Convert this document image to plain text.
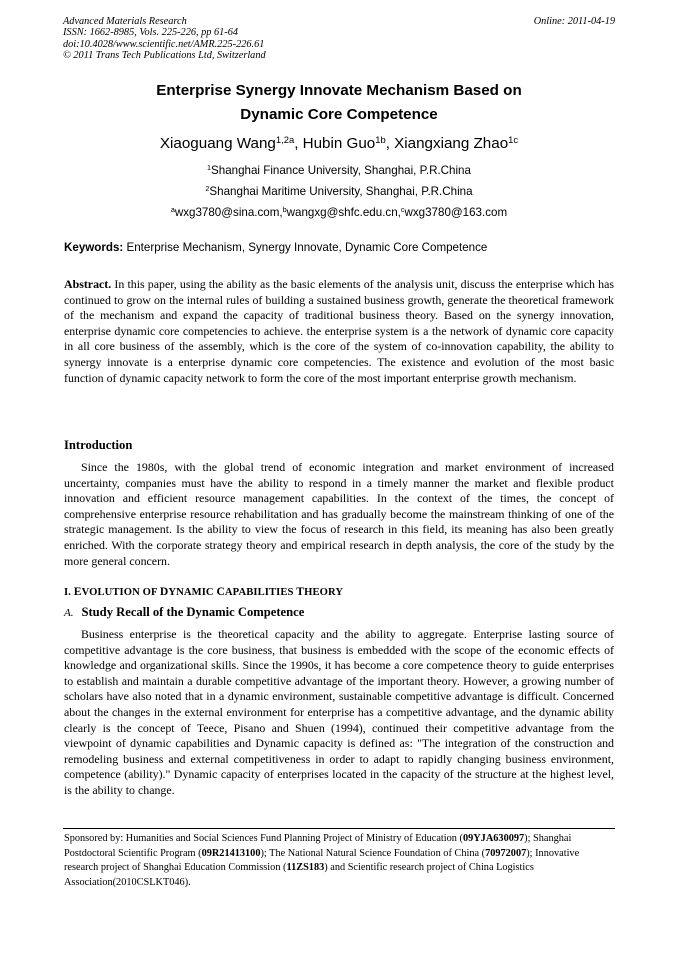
Advanced Materials Research
ISSN: 1662-8985, Vols. 225-226, pp 61-64
doi:10.4028/www.scientific.net/AMR.225-226.61
© 2011 Trans Tech Publications Ltd, Switzerland
Online: 2011-04-19
Enterprise Synergy Innovate Mechanism Based on
Dynamic Core Competence
Xiaoguang Wang$^{1,2a}$, Hubin Guo$^{1b}$, Xiangxiang Zhao$^{1c}$
$^1$Shanghai Finance University, Shanghai, P.R.China
$^2$Shanghai Maritime University, Shanghai, P.R.China
$^a$wxg3780@sina.com,$^b$wangxg@shfc.edu.cn,$^c$wxg3780@163.com
Keywords: Enterprise Mechanism, Synergy Innovate, Dynamic Core Competence
Abstract. In this paper, using the ability as the basic elements of the analysis unit, discuss the enterprise which has continued to grow on the internal rules of building a sustained business growth, generate the theoretical framework of the mechanism and expand the capacity of traditional business theory. Based on the synergy innovation, enterprise dynamic core competencies to achieve. the enterprise system is a the network of dynamic core capacity in all core business of the assembly, which is the core of the system of co-innovation capability, the ability to synergy innovate is a enterprise dynamic core competencies. The existence and evolution of the most basic function of dynamic capacity network to form the core of the most important enterprise growth mechanism.
Introduction
Since the 1980s, with the global trend of economic integration and market environment of increased uncertainty, companies must have the ability to respond in a timely manner the market and flexible product innovation and efficient resource management capabilities. In the context of the times, the concept of comprehensive enterprise resource rehabilitation and has gradually become the mainstream thinking of one of the strategic management. Is the ability to view the focus of research in this field, its meaning has also been greatly enriched. With the corporate strategy theory and empirical research in depth analysis, the core of the study by the more general concern.
I. EVOLUTION OF DYNAMIC CAPABILITIES THEORY
A. Study Recall of the Dynamic Competence
Business enterprise is the theoretical capacity and the ability to aggregate. Enterprise lasting source of competitive advantage is the core business, that business is embedded with the scope of the economic effects of knowledge and organizational skills. Since the 1990s, it has become a core competence theory to guide enterprises to establish and maintain a durable competitive advantage of the important theory. However, a growing number of scholars have also noted that in a dynamic environment, sustainable competitive advantage is difficult. Concerned about the changes in the external environment for enterprise has a competitive advantage, and the dynamic ability clearly is the concept of Teece, Pisano and Shuen (1994), continued their competitive advantage from the viewpoint of dynamic capabilities and Dynamic capacity is defined as: "The integration of the construction and remodeling business and external competitiveness in order to adapt to rapidly changing business environment, competence (ability)." Dynamic capacity of enterprises located in the capacity of the structure at the highest level, is the ability to change.
Sponsored by: Humanities and Social Sciences Fund Planning Project of Ministry of Education (09YJA630097); Shanghai Postdoctoral Scientific Program (09R21413100); The National Natural Science Foundation of China (70972007); Innovative research project of Shanghai Education Commission (11ZS183) and Scientific research project of China Logistics Association(2010CSLKT046).
